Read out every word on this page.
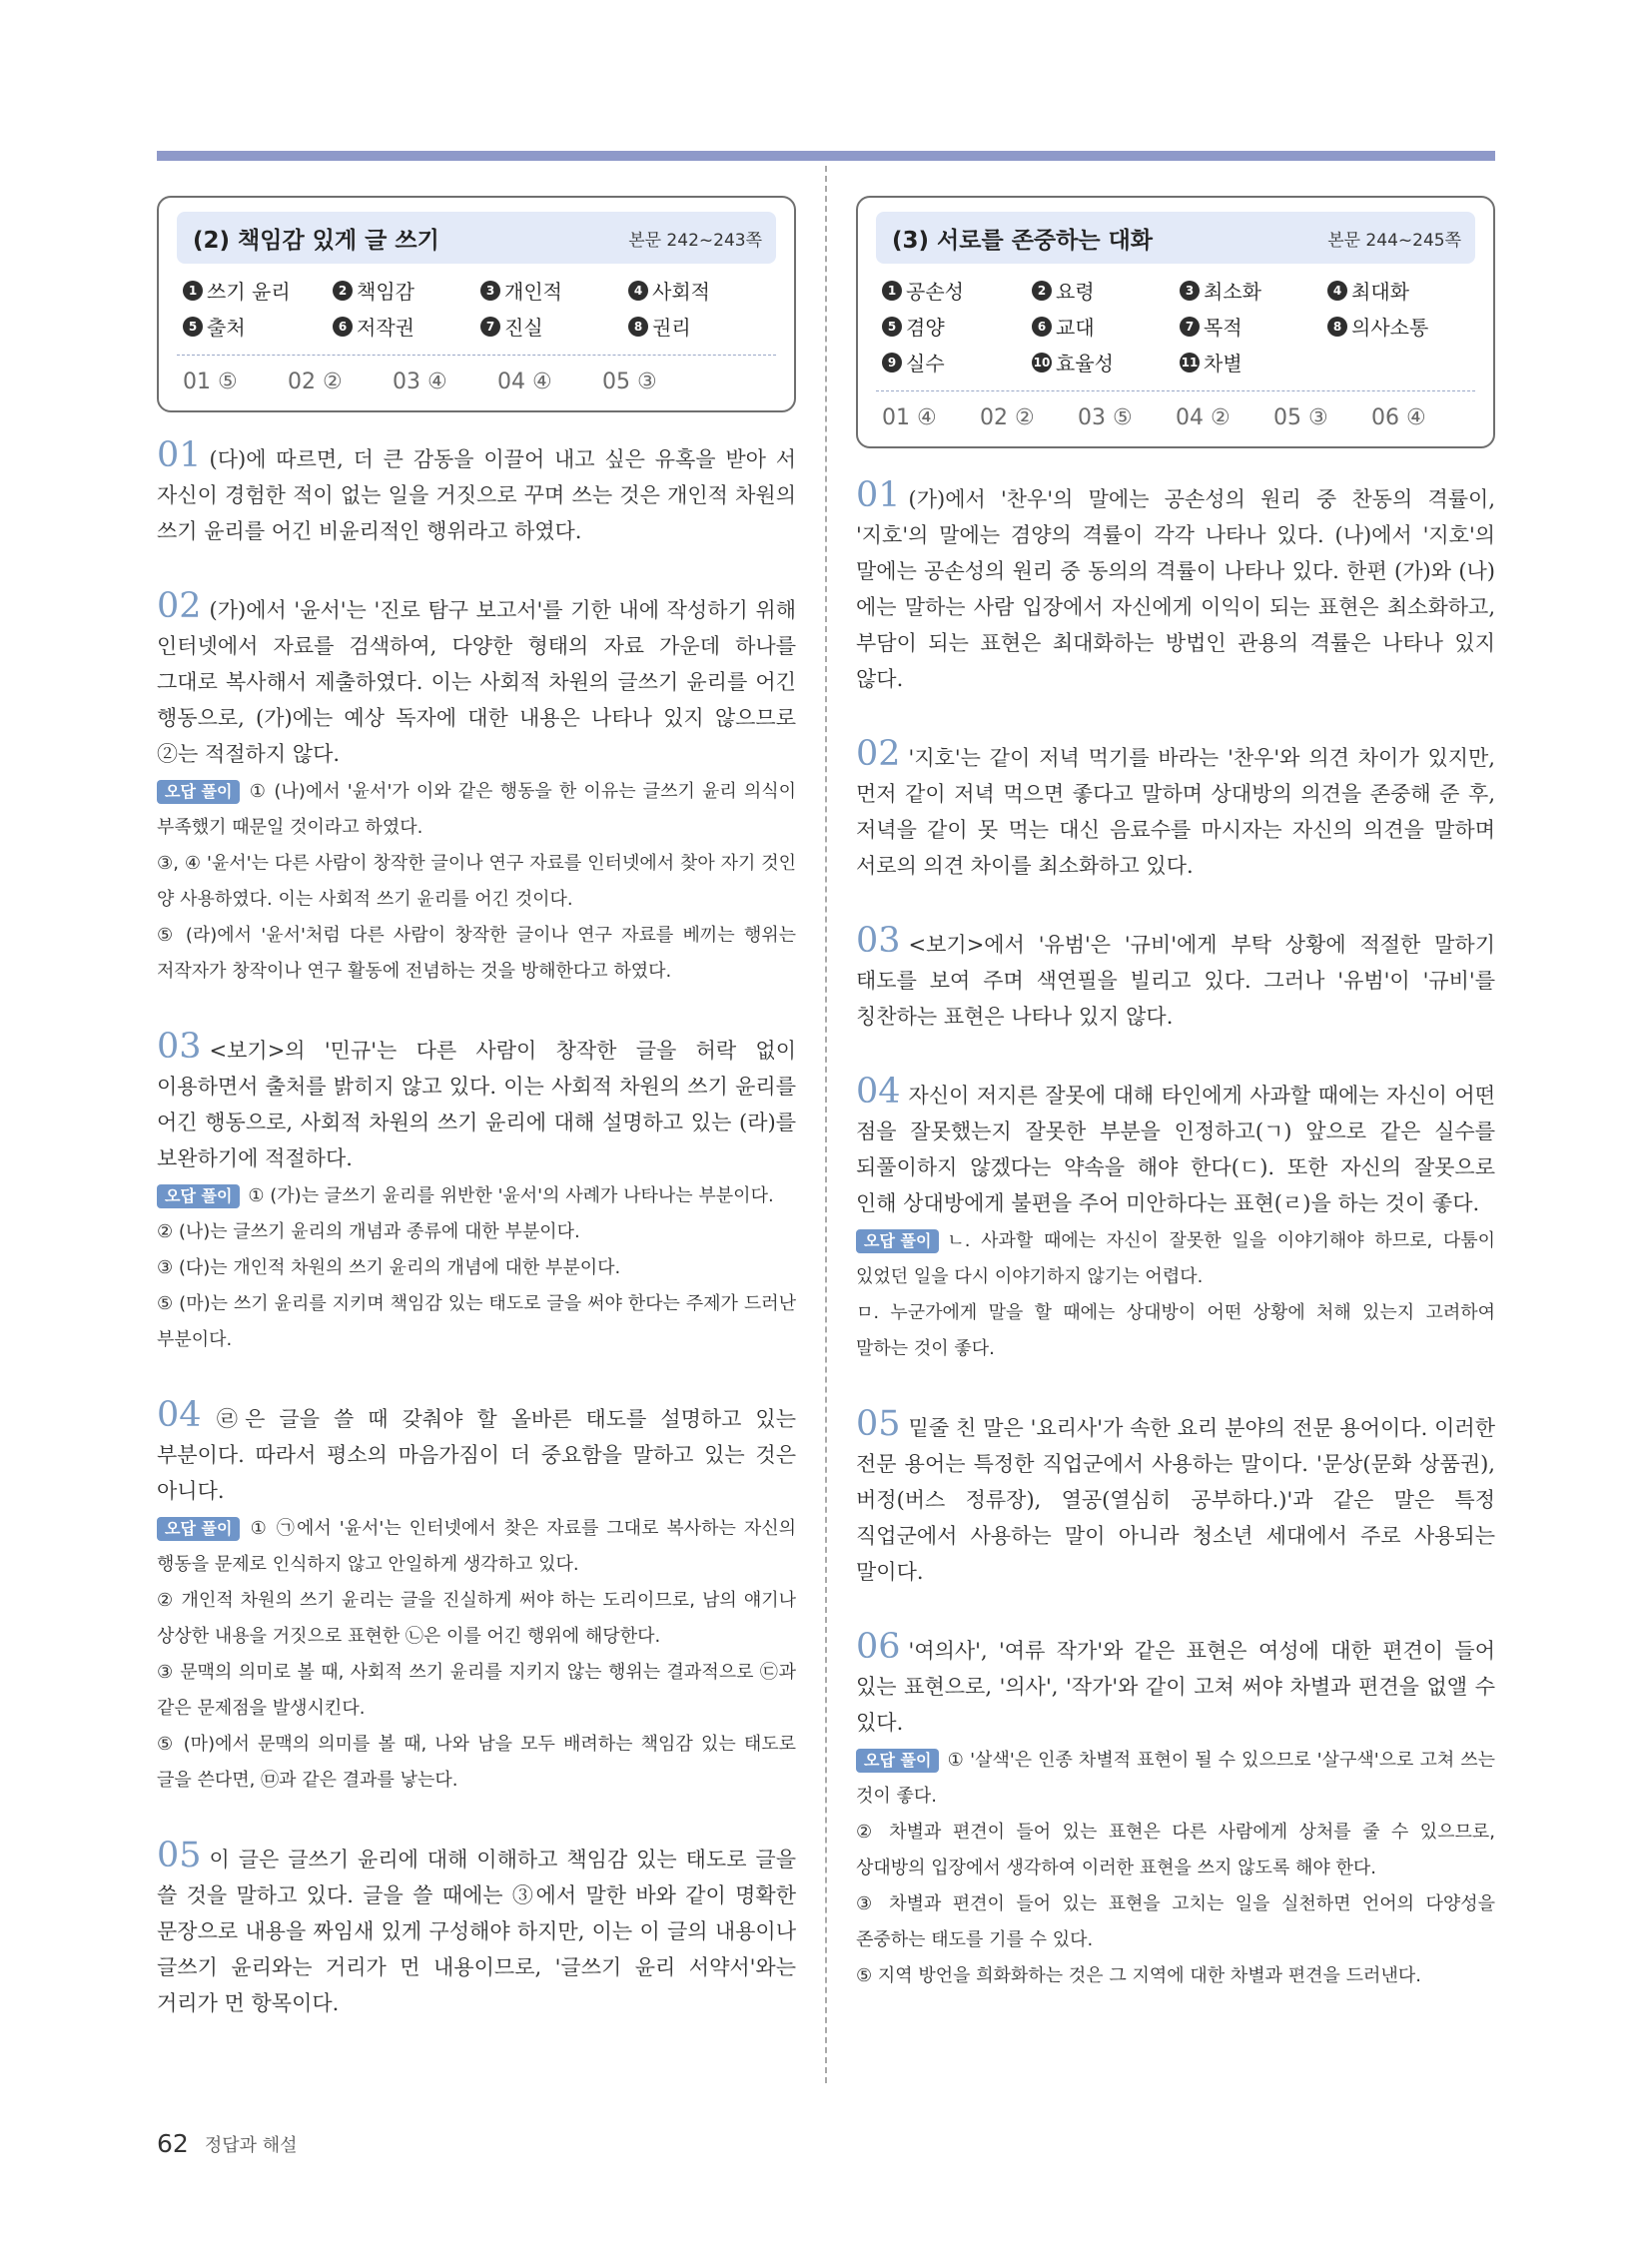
(2) 책임감 있게 글 쓰기	본문 242~243쪽
1 쓰기 윤리	2 책임감	3 개인적	4 사회적
5 출처	6 저작권	7 진실	8 권리
01 ⑤	02 ②	03 ④	04 ④	05 ③
01 (다)에 따르면, 더 큰 감동을 이끌어 내고 싶은 유혹을 받아 서 자신이 경험한 적이 없는 일을 거짓으로 꾸며 쓰는 것은 개인적 차원의 쓰기 윤리를 어긴 비윤리적인 행위라고 하였다.
02 (가)에서 '윤서'는 '진로 탐구 보고서'를 기한 내에 작성하기 위해 인터넷에서 자료를 검색하여, 다양한 형태의 자료 가운데 하나를 그대로 복사해서 제출하였다. 이는 사회적 차원의 글쓰기 윤리를 어긴 행동으로, (가)에는 예상 독자에 대한 내용은 나타나 있지 않으므로 ②는 적절하지 않다.

오답 풀이 ① (나)에서 '윤서'가 이와 같은 행동을 한 이유는 글쓰기 윤리 의식이 부족했기 때문일 것이라고 하였다.

③, ④ '윤서'는 다른 사람이 창작한 글이나 연구 자료를 인터넷에서 찾아 자기 것인 양 사용하였다. 이는 사회적 쓰기 윤리를 어긴 것이다.

⑤ (라)에서 '윤서'처럼 다른 사람이 창작한 글이나 연구 자료를 베끼는 행위는 저작자가 창작이나 연구 활동에 전념하는 것을 방해한다고 하였다.

03 <보기>의 '민규'는 다른 사람이 창작한 글을 허락 없이 이용하면서 출처를 밝히지 않고 있다. 이는 사회적 차원의 쓰기 윤리를 어긴 행동으로, 사회적 차원의 쓰기 윤리에 대해 설명하고 있는 (라)를 보완하기에 적절하다.

오답 풀이 ① (가)는 글쓰기 윤리를 위반한 '윤서'의 사례가 나타나는 부분이다.

② (나)는 글쓰기 윤리의 개념과 종류에 대한 부분이다.

③ (다)는 개인적 차원의 쓰기 윤리의 개념에 대한 부분이다.

⑤ (마)는 쓰기 윤리를 지키며 책임감 있는 태도로 글을 써야 한다는 주제가 드러난 부분이다.

04 ㉣은 글을 쓸 때 갖춰야 할 올바른 태도를 설명하고 있는 부분이다. 따라서 평소의 마음가짐이 더 중요함을 말하고 있는 것은 아니다.

오답 풀이 ① ㉠에서 '윤서'는 인터넷에서 찾은 자료를 그대로 복사하는 자신의 행동을 문제로 인식하지 않고 안일하게 생각하고 있다.

② 개인적 차원의 쓰기 윤리는 글을 진실하게 써야 하는 도리이므로, 남의 얘기나 상상한 내용을 거짓으로 표현한 ㉡은 이를 어긴 행위에 해당한다.

③ 문맥의 의미로 볼 때, 사회적 쓰기 윤리를 지키지 않는 행위는 결과적으로 ㉢과 같은 문제점을 발생시킨다.

⑤ (마)에서 문맥의 의미를 볼 때, 나와 남을 모두 배려하는 책임감 있는 태도로 글을 쓴다면, ㉤과 같은 결과를 낳는다.

05 이 글은 글쓰기 윤리에 대해 이해하고 책임감 있는 태도로 글을 쓸 것을 말하고 있다. 글을 쓸 때에는 ③에서 말한 바와 같이 명확한 문장으로 내용을 짜임새 있게 구성해야 하지만, 이는 이 글의 내용이나 글쓰기 윤리와는 거리가 먼 내용이므로, '글쓰기 윤리 서약서'와는 거리가 먼 항목이다.
(3) 서로를 존중하는 대화	본문 244~245쪽
1 공손성	2 요령	3 최소화	4 최대화
5 겸양	6 교대	7 목적	8 의사소통
9 실수	10 효율성	11 차별
01 ④	02 ②	03 ⑤	04 ②	05 ③	06 ④
01 (가)에서 '찬우'의 말에는 공손성의 원리 중 찬동의 격률이, '지호'의 말에는 겸양의 격률이 각각 나타나 있다. (나)에서 '지호'의 말에는 공손성의 원리 중 동의의 격률이 나타나 있다. 한편 (가)와 (나)에는 말하는 사람 입장에서 자신에게 이익이 되는 표현은 최소화하고, 부담이 되는 표현은 최대화하는 방법인 관용의 격률은 나타나 있지 않다.
02 '지호'는 같이 저녁 먹기를 바라는 '찬우'와 의견 차이가 있지만, 먼저 같이 저녁 먹으면 좋다고 말하며 상대방의 의견을 존중해 준 후, 저녁을 같이 못 먹는 대신 음료수를 마시자는 자신의 의견을 말하며 서로의 의견 차이를 최소화하고 있다.
03 <보기>에서 '유범'은 '규비'에게 부탁 상황에 적절한 말하기 태도를 보여 주며 색연필을 빌리고 있다. 그러나 '유범'이 '규비'를 칭찬하는 표현은 나타나 있지 않다.
04 자신이 저지른 잘못에 대해 타인에게 사과할 때에는 자신이 어떤 점을 잘못했는지 잘못한 부분을 인정하고(ㄱ) 앞으로 같은 실수를 되풀이하지 않겠다는 약속을 해야 한다(ㄷ). 또한 자신의 잘못으로 인해 상대방에게 불편을 주어 미안하다는 표현(ㄹ)을 하는 것이 좋다.

오답 풀이 ㄴ. 사과할 때에는 자신이 잘못한 일을 이야기해야 하므로, 다툼이 있었던 일을 다시 이야기하지 않기는 어렵다.

ㅁ. 누군가에게 말을 할 때에는 상대방이 어떤 상황에 처해 있는지 고려하여 말하는 것이 좋다.

05 밑줄 친 말은 '요리사'가 속한 요리 분야의 전문 용어이다. 이러한 전문 용어는 특정한 직업군에서 사용하는 말이다. '문상(문화 상품권), 버정(버스 정류장), 열공(열심히 공부하다.)'과 같은 말은 특정 직업군에서 사용하는 말이 아니라 청소년 세대에서 주로 사용되는 말이다.
06 '여의사', '여류 작가'와 같은 표현은 여성에 대한 편견이 들어 있는 표현으로, '의사', '작가'와 같이 고쳐 써야 차별과 편견을 없앨 수 있다.

오답 풀이 ① '살색'은 인종 차별적 표현이 될 수 있으므로 '살구색'으로 고쳐 쓰는 것이 좋다.

② 차별과 편견이 들어 있는 표현은 다른 사람에게 상처를 줄 수 있으므로, 상대방의 입장에서 생각하여 이러한 표현을 쓰지 않도록 해야 한다.

③ 차별과 편견이 들어 있는 표현을 고치는 일을 실천하면 언어의 다양성을 존중하는 태도를 기를 수 있다.

⑤ 지역 방언을 희화화하는 것은 그 지역에 대한 차별과 편견을 드러낸다.

62 정답과 해설
